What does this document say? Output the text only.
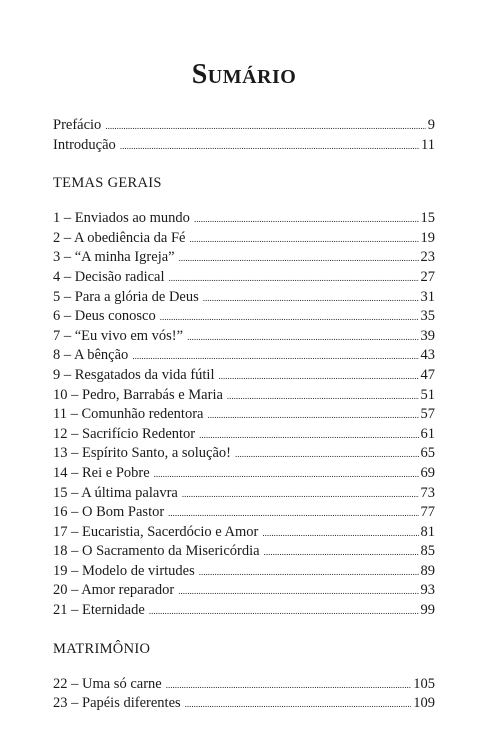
Sumário
Prefácio .....	9
Introdução .....	11
TEMAS GERAIS
1 – Enviados ao mundo .....	15
2 – A obediência da Fé .....	19
3 – “A minha Igreja” .....	23
4 – Decisão radical .....	27
5 – Para a glória de Deus .....	31
6 – Deus conosco .....	35
7 – “Eu vivo em vós!” .....	39
8 – A bênção .....	43
9 – Resgatados da vida fútil .....	47
10 – Pedro, Barrabás e Maria .....	51
11 – Comunhão redentora .....	57
12 – Sacrifício Redentor .....	61
13 – Espírito Santo, a solução! .....	65
14 – Rei e Pobre .....	69
15 – A última palavra .....	73
16 – O Bom Pastor .....	77
17 – Eucaristia, Sacerdócio e Amor .....	81
18 – O Sacramento da Misericórdia .....	85
19 – Modelo de virtudes .....	89
20 – Amor reparador .....	93
21 – Eternidade .....	99
MATRIMÔNIO
22 – Uma só carne .....	105
23 – Papéis diferentes .....	109
